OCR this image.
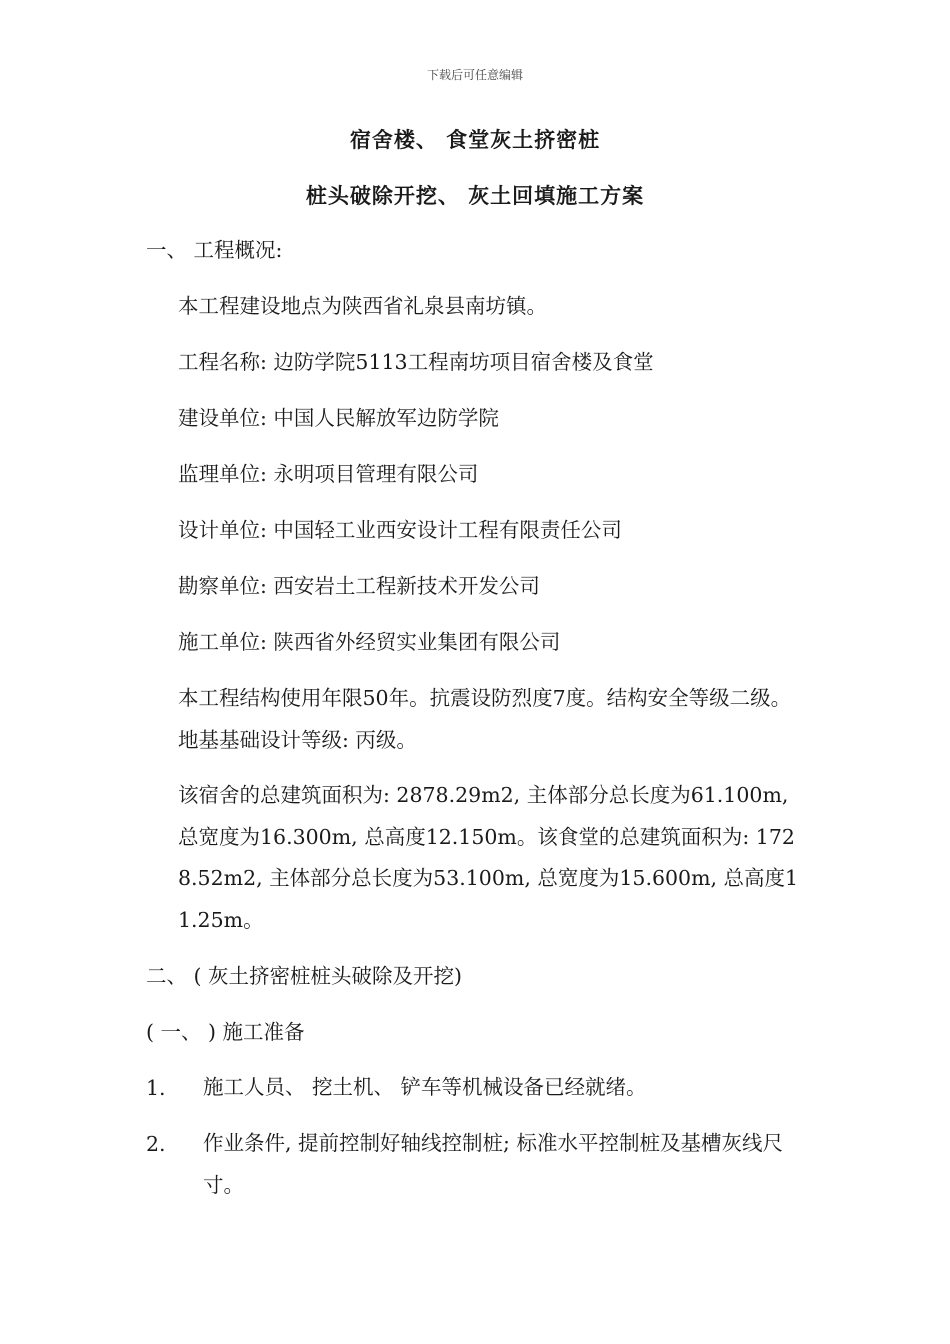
下载后可任意编辑
宿舍楼、 食堂灰土挤密桩
桩头破除开挖、 灰土回填施工方案
一、 工程概况:
本工程建设地点为陕西省礼泉县南坊镇。
工程名称: 边防学院5113工程南坊项目宿舍楼及食堂
建设单位: 中国人民解放军边防学院
监理单位: 永明项目管理有限公司
设计单位: 中国轻工业西安设计工程有限责任公司
勘察单位: 西安岩土工程新技术开发公司
施工单位: 陕西省外经贸实业集团有限公司
本工程结构使用年限50年。抗震设防烈度7度。结构安全等级二级。地基基础设计等级: 丙级。
该宿舍的总建筑面积为: 2878.29m2, 主体部分总长度为61.100m, 总宽度为16.300m, 总高度12.150m。该食堂的总建筑面积为: 1728.52m2, 主体部分总长度为53.100m, 总宽度为15.600m, 总高度11.25m。
二、 ( 灰土挤密桩桩头破除及开挖)
( 一、 ) 施工准备
1. 施工人员、 挖土机、 铲车等机械设备已经就绪。
2. 作业条件, 提前控制好轴线控制桩; 标准水平控制桩及基槽灰线尺寸。
